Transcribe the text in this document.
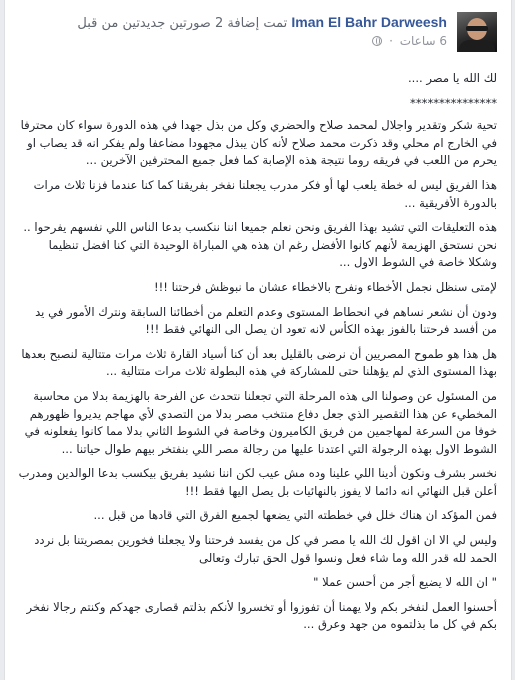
Iman El Bahr Darweesh تمت إضافة 2 صورتين جديدتين من قبل
6 ساعات ·

لك الله يا مصر ....

***************

تحية شكر وتقدير واجلال لمحمد صلاح والحضري وكل من بذل جهدا في هذه الدورة سواء كان محترفا في الخارج ام محلي وقد ذكرت محمد صلاح لأنه كان يبذل مجهودا مضاعفا ولم يفكر انه قد يصاب او يحرم من اللعب في فريقه روما نتيجة هذه الإصابة كما فعل جميع المحترفين الآخرين ...

هذا الفريق ليس له خطة يلعب لها أو فكر مدرب يجعلنا نفخر بفريقنا كما كنا عندما فزنا ثلاث مرات بالدورة الأفريقية ...

هذه التعليقات التي تشيد بهذا الفريق ونحن نعلم جميعا اننا ننكسب بدعا الناس اللي نفسهم يفرحوا .. نحن نستحق الهزيمة لأنهم كانوا الأفضل رغم ان هذه هي المباراة الوحيدة التي كنا افضل تنظيما وشكلا خاصة في الشوط الاول ...

لإمتى سنظل نجمل الأخطاء ونفرح بالاخطاء عشان ما نبوظش فرحتنا !!!

ودون أن نشعر نساهم في انحطاط المستوى وعدم التعلم من أخطائنا السابقة ونترك الأمور في يد من أفسد فرحتنا بالفوز بهذه الكأس لانه تعود ان يصل الى النهائي فقط !!!

هل هذا هو طموح المصريين أن نرضى بالقليل بعد أن كنا أسياد القارة ثلاث مرات متتالية لنصبح بعدها بهذا المستوى الذي لم يؤهلنا حتى للمشاركة في هذه البطولة ثلاث مرات متتالية ...

من المسئول عن وصولنا الى هذه المرحلة التي تجعلنا نتحدث عن الفرحة بالهزيمة بدلا من محاسبة المخطيء عن هذا التقصير الذي جعل دفاع منتخب مصر بدلا من التصدي لأي مهاجم يديروا ظهورهم خوفا من السرعة لمهاجمين من فريق الكاميرون وخاصة في الشوط الثاني بدلا مما كانوا يفعلونه في الشوط الاول بهذه الرجولة التي اعتدنا عليها من رجالة مصر اللي بنفتخر بيهم طوال حياتنا ...

نخسر بشرف ونكون أدينا اللي علينا وده مش عيب لكن اننا نشيد بفريق بيكسب بدعا الوالدين ومدرب أعلن قبل النهائي انه دائما لا يفوز بالنهائيات بل يصل اليها فقط !!!

فمن المؤكد ان هناك خلل في خططته التي يضعها لجميع الفرق التي قادها من قبل ...

وليس لي الا ان اقول لك الله يا مصر في كل من يفسد فرحتنا ولا يجعلنا فخورين بمصريتنا بل نردد الحمد لله قدر الله وما شاء فعل ونسوا قول الحق تبارك وتعالى

" ان الله لا يضيع أجر من أحسن عملا "

أحسنوا العمل لنفخر بكم ولا يهمنا أن تفوزوا أو تخسروا لأنكم بذلتم قصارى جهدكم وكنتم رجالا نفخر بكم في كل ما بذلتموه من جهد وعرق ...
